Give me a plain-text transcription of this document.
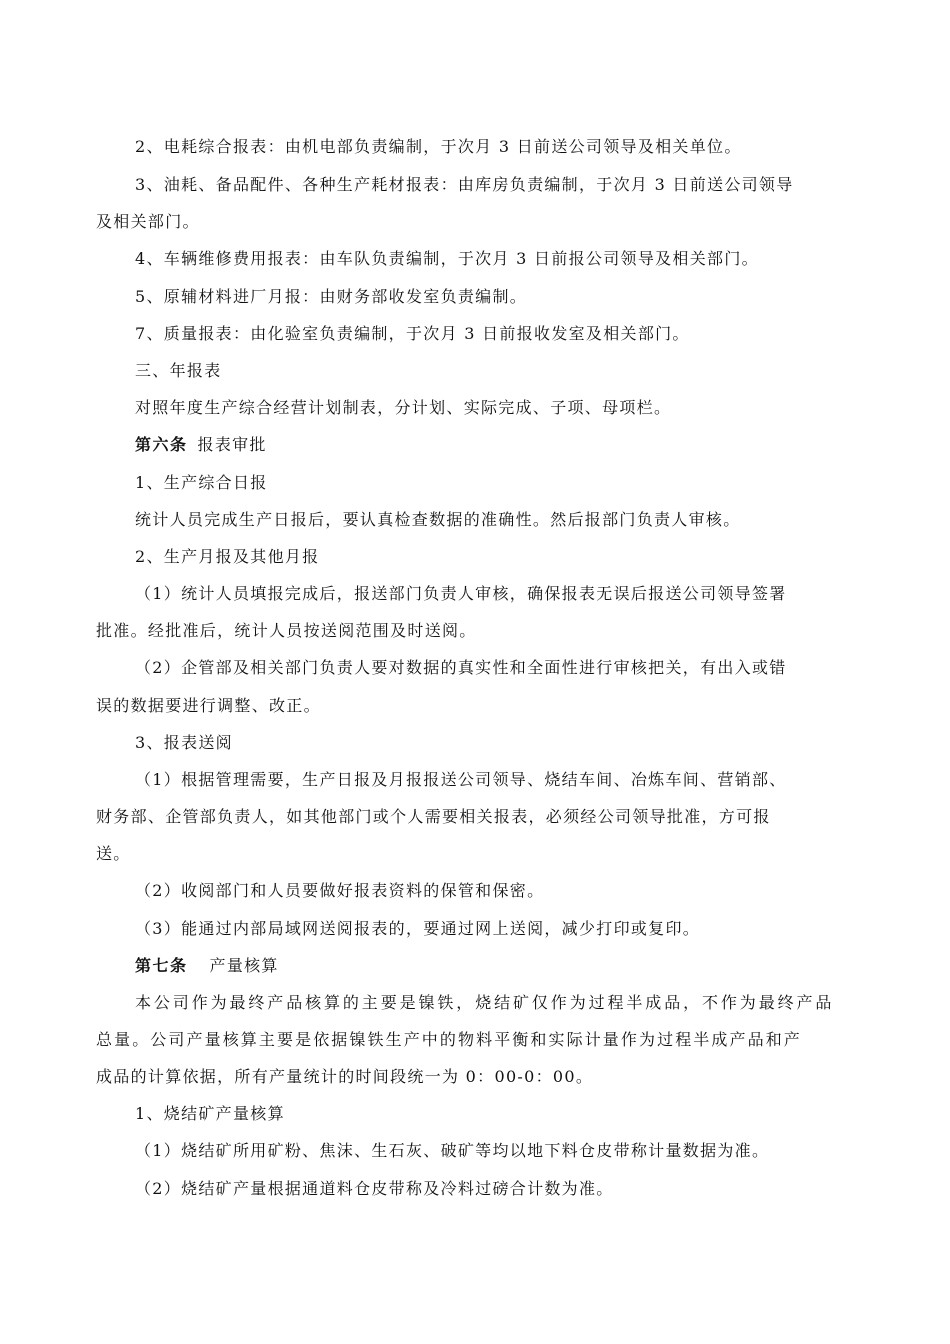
2、电耗综合报表：由机电部负责编制，于次月 3 日前送公司领导及相关单位。
3、油耗、备品配件、各种生产耗材报表：由库房负责编制，于次月 3 日前送公司领导
及相关部门。
4、车辆维修费用报表：由车队负责编制，于次月 3 日前报公司领导及相关部门。
5、原辅材料进厂月报：由财务部收发室负责编制。
7、质量报表：由化验室负责编制，于次月 3 日前报收发室及相关部门。
三、年报表
对照年度生产综合经营计划制表，分计划、实际完成、子项、母项栏。
第六条 报表审批
1、生产综合日报
统计人员完成生产日报后，要认真检查数据的准确性。然后报部门负责人审核。
2、生产月报及其他月报
（1）统计人员填报完成后，报送部门负责人审核，确保报表无误后报送公司领导签署
批准。经批准后，统计人员按送阅范围及时送阅。
（2）企管部及相关部门负责人要对数据的真实性和全面性进行审核把关，有出入或错
误的数据要进行调整、改正。
3、报表送阅
（1）根据管理需要，生产日报及月报报送公司领导、烧结车间、冶炼车间、营销部、
财务部、企管部负责人，如其他部门或个人需要相关报表，必须经公司领导批准，方可报
送。
（2）收阅部门和人员要做好报表资料的保管和保密。
（3）能通过内部局域网送阅报表的，要通过网上送阅，减少打印或复印。
第七条 产量核算
本公司作为最终产品核算的主要是镍铁，烧结矿仅作为过程半成品，不作为最终产品
总量。公司产量核算主要是依据镍铁生产中的物料平衡和实际计量作为过程半成产品和产
成品的计算依据，所有产量统计的时间段统一为 0：00-0：00。
1、烧结矿产量核算
（1）烧结矿所用矿粉、焦沫、生石灰、破矿等均以地下料仓皮带称计量数据为准。
（2）烧结矿产量根据通道料仓皮带称及冷料过磅合计数为准。
